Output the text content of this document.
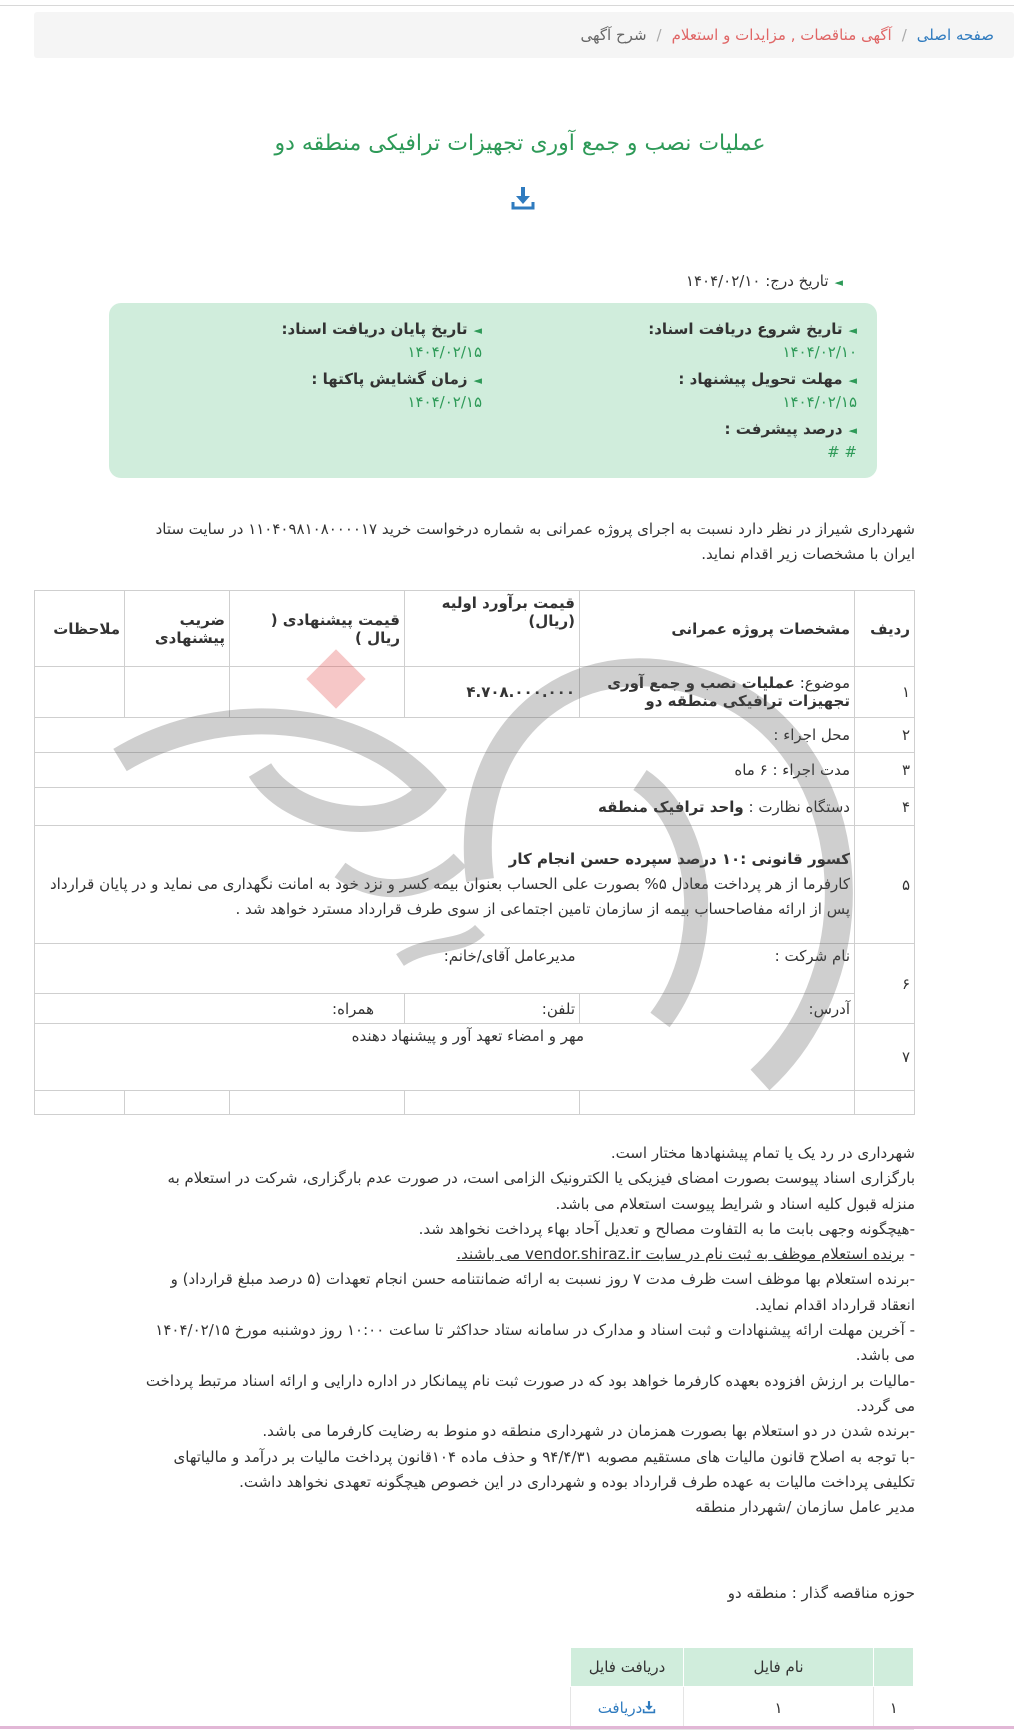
صفحه اصلی
/
آگهی مناقصات , مزایدات و استعلام
/
شرح آگهی
عملیات نصب و جمع آوری تجهیزات ترافیکی منطقه دو
◄تاریخ درج: ۱۴۰۴/۰۲/۱۰
◄تاریخ شروع دریافت اسناد:
۱۴۰۴/۰۲/۱۰
◄تاریخ پایان دریافت اسناد:
۱۴۰۴/۰۲/۱۵
◄مهلت تحویل پیشنهاد :
۱۴۰۴/۰۲/۱۵
◄زمان گشایش پاکتها :
۱۴۰۴/۰۲/۱۵
◄درصد پیشرفت :
# #

شهرداری شیراز در نظر دارد نسبت به اجرای پروژه عمرانی به شماره درخواست خرید ۱۱۰۴۰۹۸۱۰۸۰۰۰۰۱۷ در سایت ستاد ایران با مشخصات زیر اقدام نماید.

ردیف	مشخصات پروژه عمرانی	قیمت برآورد اولیه (ریال)	قیمت پیشنهادی ( ریال )	ضریب پیشنهادی	ملاحظات
۱	موضوع: عملیات نصب و جمع آوری تجهیزات ترافیکی منطقه دو	۴.۷۰۸.۰۰۰.۰۰۰			
۲	محل اجراء :				
۳	مدت اجراء : ۶ ماه				
۴	دستگاه نظارت : واحد ترافیک منطقه				
۵	کسور قانونی :۱۰ درصد سپرده حسن انجام کار
کارفرما از هر پرداخت معادل ۵% بصورت علی الحساب بعنوان بیمه کسر و نزد خود به امانت نگهداری می نماید و در پایان قرارداد پس از ارائه مفاصاحساب بیمه از سازمان تامین اجتماعی از سوی طرف قرارداد مسترد خواهد شد .				
۶	نام شرکت :	مدیرعامل آقای/خانم:			
	آدرس:	تلفن:	همراه:		
۷	مهر و امضاء تعهد آور و پیشنهاد دهنده				

شهرداری در رد یک یا تمام پیشنهادها مختار است.

بارگزاری اسناد پیوست بصورت امضای فیزیکی یا الکترونیک الزامی است، در صورت عدم بارگزاری، شرکت در استعلام به منزله قبول کلیه اسناد و شرایط پیوست استعلام می باشد.

-هیچگونه وجهی بابت ما به التفاوت مصالح و تعدیل آحاد بهاء پرداخت نخواهد شد.

- برنده استعلام موظف به ثبت نام در سایت vendor.shiraz.ir می باشند.

-برنده استعلام بها موظف است ظرف مدت ۷ روز نسبت به ارائه ضمانتنامه حسن انجام تعهدات (۵ درصد مبلغ قرارداد) و انعقاد قرارداد اقدام نماید.

- آخرین مهلت ارائه پیشنهادات و ثبت اسناد و مدارک در سامانه ستاد حداکثر تا ساعت ۱۰:۰۰ روز دوشنبه مورخ ۱۴۰۴/۰۲/۱۵ می باشد.

-مالیات بر ارزش افزوده بعهده کارفرما خواهد بود که در صورت ثبت نام پیمانکار در اداره دارایی و ارائه اسناد مرتبط پرداخت می گردد.

-برنده شدن در دو استعلام بها بصورت همزمان در شهرداری منطقه دو منوط به رضایت کارفرما می باشد.

-با توجه به اصلاح قانون مالیات های مستقیم مصوبه ۹۴/۴/۳۱ و حذف ماده ۱۰۴قانون پرداخت مالیات بر درآمد و مالیاتهای تکلیفی پرداخت مالیات به عهده طرف قرارداد بوده و شهرداری در این خصوص هیچگونه تعهدی نخواهد داشت.

مدیر عامل سازمان /شهردار منطقه

حوزه مناقصه گذار : منطقه دو
	نام فایل	دریافت فایل
۱	۱	دریافت
